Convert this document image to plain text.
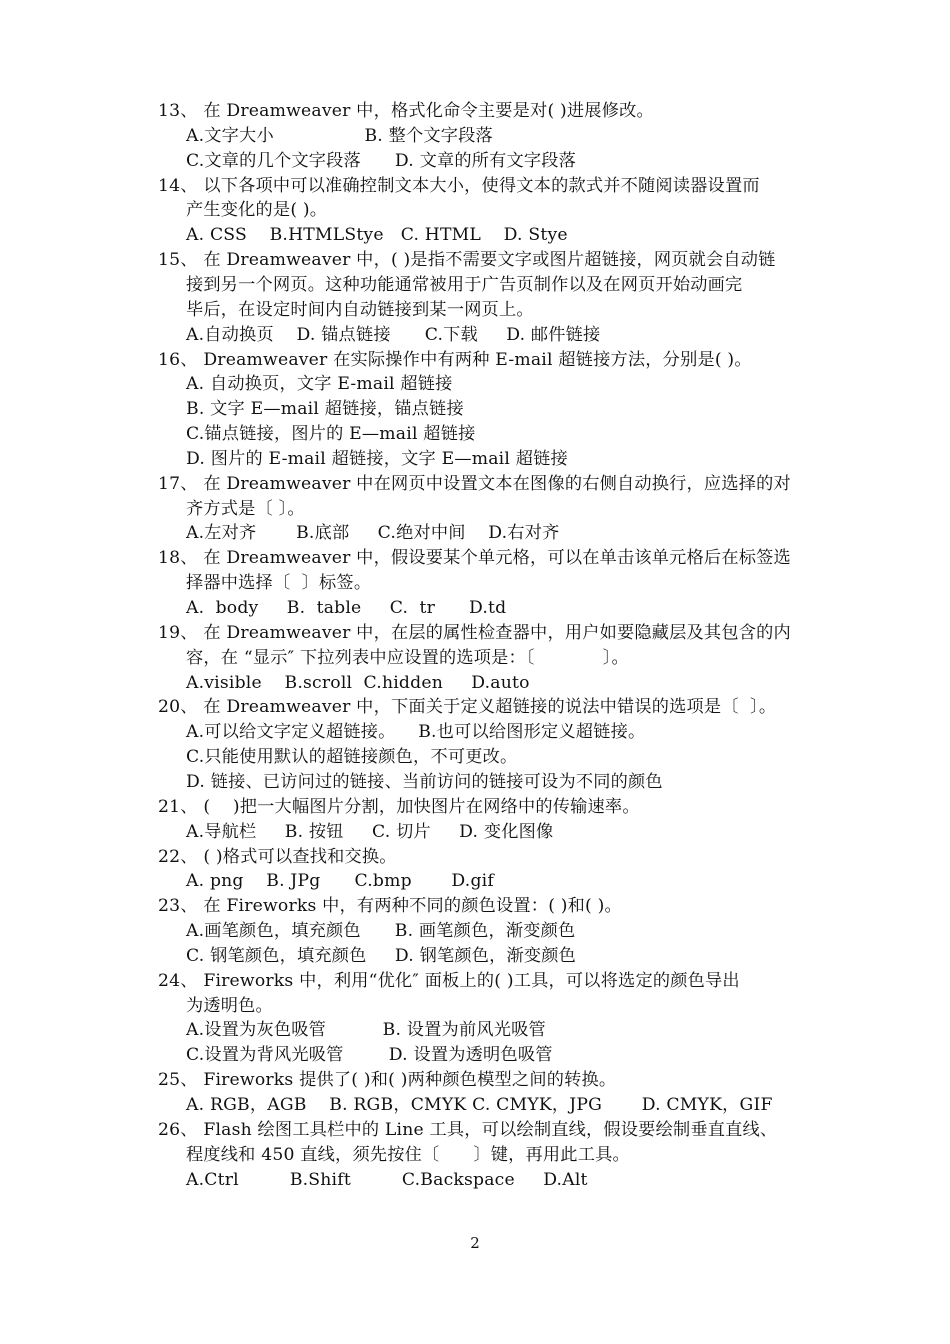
13、 在 Dreamweaver 中，格式化命令主要是对( )进展修改。
A.文字大小                B. 整个文字段落
C.文章的几个文字段落      D. 文章的所有文字段落
14、 以下各项中可以准确控制文本大小，使得文本的款式并不随阅读器设置而
产生变化的是( )。
A. CSS    B.HTMLStye   C. HTML    D. Stye
15、 在 Dreamweaver 中，( )是指不需要文字或图片超链接，网页就会自动链
接到另一个网页。这种功能通常被用于广告页制作以及在网页开始动画完
毕后，在设定时间内自动链接到某一网页上。
A.自动换页    D. 锚点链接      C.下载     D. 邮件链接
16、 Dreamweaver 在实际操作中有两种 E-mail 超链接方法，分别是( )。
A. 自动换页，文字 E-mail 超链接
B. 文字 E—mail 超链接，锚点链接
C.锚点链接，图片的 E—mail 超链接
D. 图片的 E-mail 超链接，文字 E—mail 超链接
17、 在 Dreamweaver 中在网页中设置文本在图像的右侧自动换行，应选择的对
齐方式是〔 〕。
A.左对齐       B.底部     C.绝对中间    D.右对齐
18、 在 Dreamweaver 中，假设要某个单元格，可以在单击该单元格后在标签选
择器中选择〔  〕标签。
A.  body     B.  table     C.  tr      D.td
19、 在 Dreamweaver 中，在层的属性检查器中，用户如要隐藏层及其包含的内
容，在 “显示″ 下拉列表中应设置的选项是：〔            〕。
A.visible    B.scroll  C.hidden     D.auto
20、 在 Dreamweaver 中，下面关于定义超链接的说法中错误的选项是〔  〕。
A.可以给文字定义超链接。    B.也可以给图形定义超链接。
C.只能使用默认的超链接颜色，不可更改。
D. 链接、已访问过的链接、当前访问的链接可设为不同的颜色
21、 (    )把一大幅图片分割，加快图片在网络中的传输速率。
A.导航栏     B. 按钮     C. 切片     D. 变化图像
22、 ( )格式可以查找和交换。
A. png    B. JPg      C.bmp       D.gif
23、 在 Fireworks 中，有两种不同的颜色设置：( )和( )。
A.画笔颜色，填充颜色      B. 画笔颜色，渐变颜色
C. 钢笔颜色，填充颜色     D. 钢笔颜色，渐变颜色
24、 Fireworks 中，利用“优化″ 面板上的( )工具，可以将选定的颜色导出
为透明色。
A.设置为灰色吸管          B. 设置为前风光吸管
C.设置为背风光吸管        D. 设置为透明色吸管
25、 Fireworks 提供了( )和( )两种颜色模型之间的转换。
A. RGB，AGB    B. RGB，CMYK C. CMYK，JPG       D. CMYK，GIF
26、 Flash 绘图工具栏中的 Line 工具，可以绘制直线，假设要绘制垂直直线、
程度线和 450 直线，须先按住〔      〕键，再用此工具。
A.Ctrl         B.Shift         C.Backspace     D.Alt
2
